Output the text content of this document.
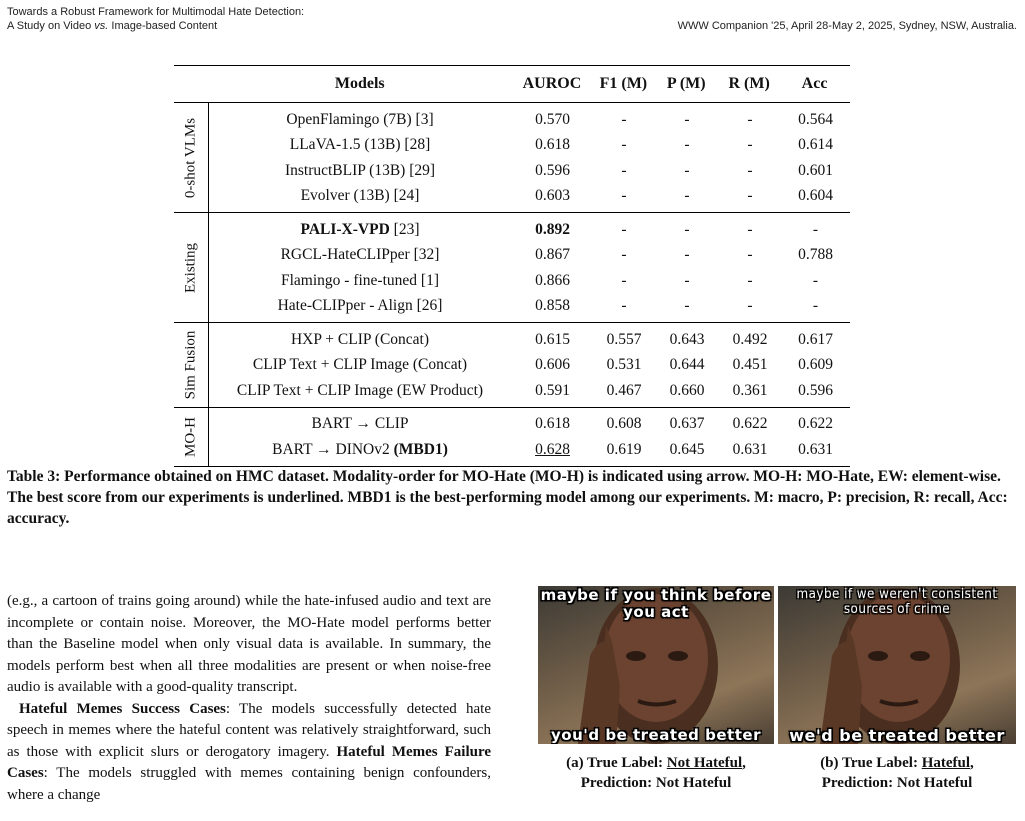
Towards a Robust Framework for Multimodal Hate Detection:
A Study on Video vs. Image-based Content	WWW Companion '25, April 28-May 2, 2025, Sydney, NSW, Australia.
Models	AUROC	F1 (M)	P (M)	R (M)	Acc
0-shot VLMs	OpenFlamingo (7B) [3]	0.570	-	-	-	0.564
LLaVA-1.5 (13B) [28]	0.618	-	-	-	0.614
InstructBLIP (13B) [29]	0.596	-	-	-	0.601
Evolver (13B) [24]	0.603	-	-	-	0.604
Existing
PALI-X-VPD [23]	0.892	-	-	-	-
RGCL-HateCLIPper [32]	0.867	-	-	-	0.788
Flamingo - fine-tuned [1]	0.866	-	-	-	-
Hate-CLIPper - Align [26]	0.858	-	-	-	-
Sim Fusion	HXP + CLIP (Concat)	0.615	0.557	0.643	0.492	0.617
CLIP Text + CLIP Image (Concat)	0.606	0.531	0.644	0.451	0.609
CLIP Text + CLIP Image (EW Product)	0.591	0.467	0.660	0.361	0.596
MO-H	BART → CLIP	0.618	0.608	0.637	0.622	0.622
BART → DINOv2 (MBD1)	0.628	0.619	0.645	0.631	0.631
Table 3: Performance obtained on HMC dataset. Modality-order for MO-Hate (MO-H) is indicated using arrow. MO-H: MO-Hate, EW: element-wise. The best score from our experiments is underlined. MBD1 is the best-performing model among our experiments. M: macro, P: precision, R: recall, Acc: accuracy.

(e.g., a cartoon of trains going around) while the hate-infused audio and text are incomplete or contain noise. Moreover, the MO-Hate model performs better than the Baseline model when only visual data is available. In summary, the models perform best when all three modalities are present or when noise-free audio is available with a good-quality transcript.

Hateful Memes Success Cases: The models successfully detected hate speech in memes where the hateful content was relatively straightforward, such as those with explicit slurs or derogatory imagery. Hateful Memes Failure Cases: The models struggled with memes containing benign confounders, where a change

maybe if you think before you act
you'd be treated better
(a) True Label: Not Hateful,
Prediction: Not Hateful
maybe if we weren't consistent sources of crime
we'd be treated better
(b) True Label: Hateful,
Prediction: Not Hateful
